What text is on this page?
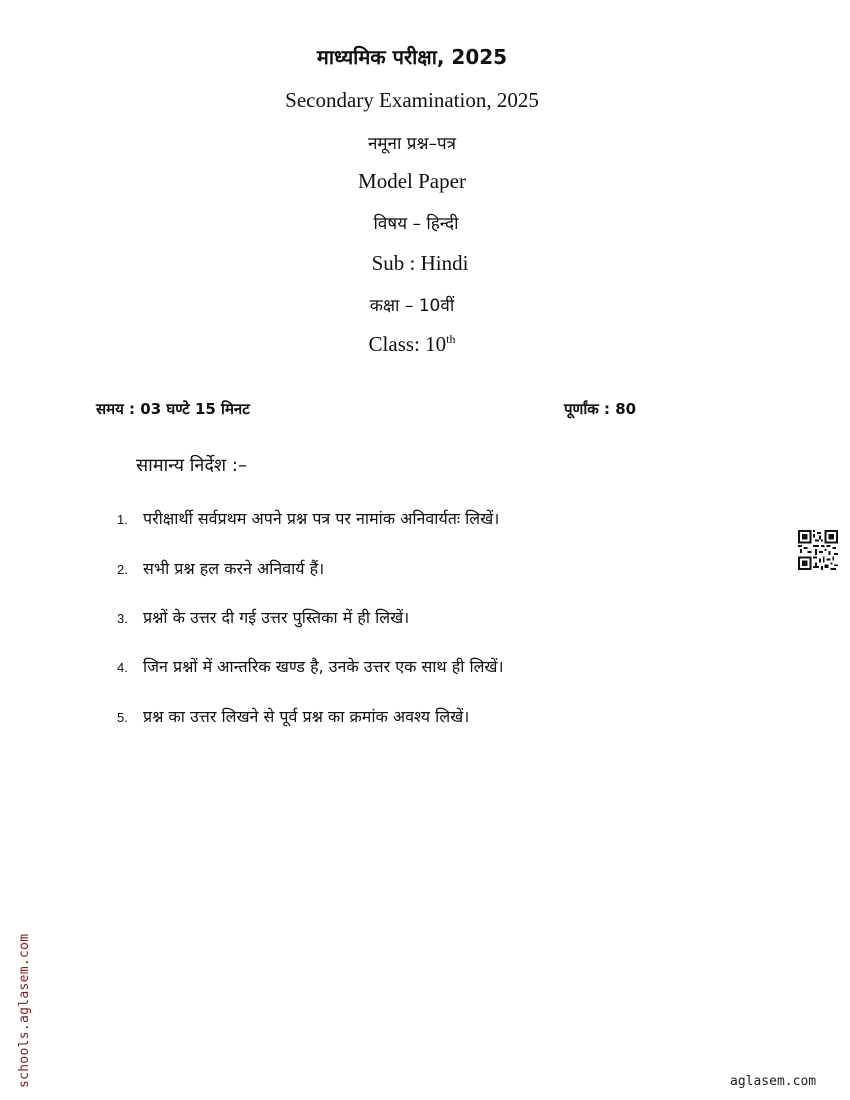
माध्यमिक परीक्षा, 2025
Secondary Examination, 2025
नमूना प्रश्न–पत्र
Model Paper
विषय – हिन्दी
Sub : Hindi
कक्षा – 10वीं
Class: 10th
समय : 03 घण्टे 15 मिनट	पूर्णांक : 80
सामान्य निर्देश :–
1. परीक्षार्थी सर्वप्रथम अपने प्रश्न पत्र पर नामांक अनिवार्यतः लिखें।
2. सभी प्रश्न हल करने अनिवार्य हैं।
3. प्रश्नों के उत्तर दी गई उत्तर पुस्तिका में ही लिखें।
4. जिन प्रश्नों में आन्तरिक खण्ड है, उनके उत्तर एक साथ ही लिखें।
5. प्रश्न का उत्तर लिखने से पूर्व प्रश्न का क्रमांक अवश्य लिखें।
schools.aglasem.com	aglasem.com
